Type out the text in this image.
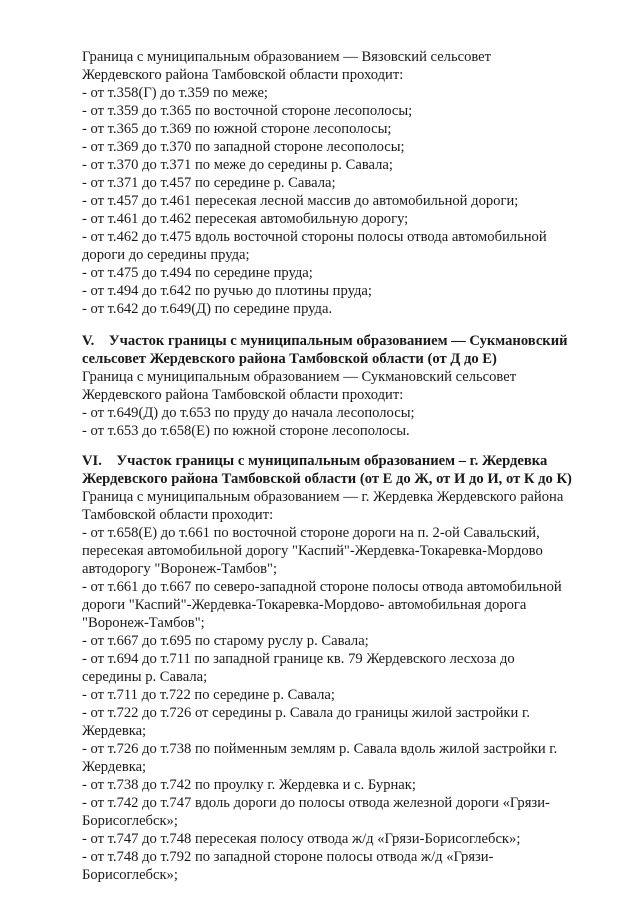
Граница с муниципальным образованием — Вязовский сельсовет
Жердевского района Тамбовской области проходит:
- от т.358(Г) до т.359 по меже;
- от т.359 до т.365 по восточной стороне лесополосы;
- от т.365 до т.369 по южной стороне лесополосы;
- от т.369 до т.370 по западной стороне лесополосы;
- от т.370 до т.371 по меже до середины р. Савала;
- от т.371 до т.457 по середине р. Савала;
- от т.457 до т.461 пересекая лесной массив до автомобильной дороги;
- от т.461 до т.462 пересекая автомобильную дорогу;
- от т.462 до т.475 вдоль восточной стороны полосы отвода автомобильной
дороги до середины пруда;
- от т.475 до т.494 по середине пруда;
- от т.494 до т.642 по ручью до плотины пруда;
- от т.642 до т.649(Д) по середине пруда.
V. Участок границы с муниципальным образованием — Сукмановский
сельсовет Жердевского района Тамбовской области (от Д до Е)
Граница с муниципальным образованием — Сукмановский сельсовет
Жердевского района Тамбовской области проходит:
- от т.649(Д) до т.653 по пруду до начала лесополосы;
- от т.653 до т.658(Е) по южной стороне лесополосы.
VI. Участок границы с муниципальным образованием – г. Жердевка
Жердевского района Тамбовской области (от Е до Ж, от И до И, от К до К)
Граница с муниципальным образованием — г. Жердевка Жердевского района
Тамбовской области проходит:
- от т.658(Е) до т.661 по восточной стороне дороги на п. 2-ой Савальский,
пересекая автомобильной дорогу "Каспий"-Жердевка-Токаревка-Мордово
автодорогу "Воронеж-Тамбов";
- от т.661 до т.667 по северо-западной стороне полосы отвода автомобильной
дороги "Каспий"-Жердевка-Токаревка-Мордово- автомобильная дорога
"Воронеж-Тамбов";
- от т.667 до т.695 по старому руслу р. Савала;
- от т.694 до т.711 по западной границе кв. 79 Жердевского лесхоза до
середины р. Савала;
- от т.711 до т.722 по середине р. Савала;
- от т.722 до т.726 от середины р. Савала до границы жилой застройки г.
Жердевка;
- от т.726 до т.738 по пойменным землям р. Савала вдоль жилой застройки г.
Жердевка;
- от т.738 до т.742 по проулку г. Жердевка и с. Бурнак;
- от т.742 до т.747 вдоль дороги до полосы отвода железной дороги «Грязи-
Борисоглебск»;
- от т.747 до т.748 пересекая полосу отвода ж/д «Грязи-Борисоглебск»;
- от т.748 до т.792 по западной стороне полосы отвода ж/д «Грязи-
Борисоглебск»;
